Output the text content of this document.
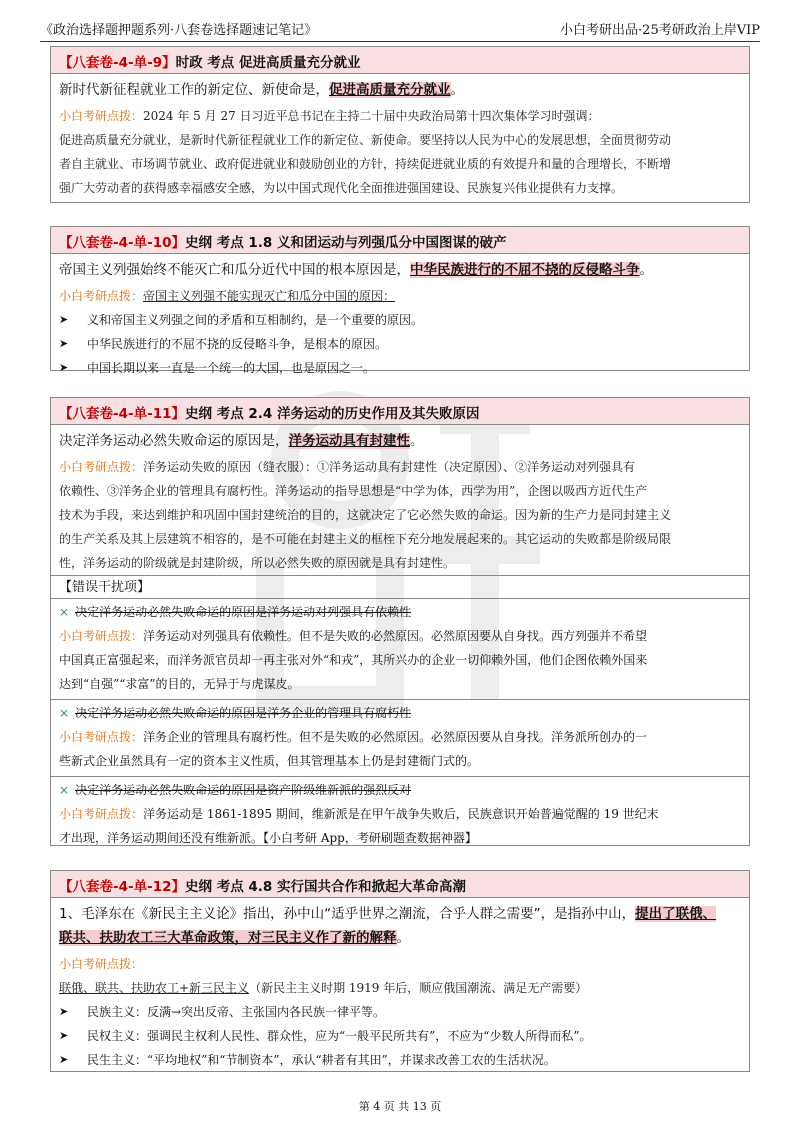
《政治选择题押题系列·八套卷选择题速记笔记》	小白考研出品·25考研政治上岸VIP
【八套卷-4-单-9】时政 考点 促进高质量充分就业
新时代新征程就业工作的新定位、新使命是，促进高质量充分就业。
小白考研点拨：2024 年 5 月 27 日习近平总书记在主持二十届中央政治局第十四次集体学习时强调：
促进高质量充分就业，是新时代新征程就业工作的新定位、新使命。要坚持以人民为中心的发展思想，全面贯彻劳动
者自主就业、市场调节就业、政府促进就业和鼓励创业的方针，持续促进就业质的有效提升和量的合理增长，不断增
强广大劳动者的获得感幸福感安全感，为以中国式现代化全面推进强国建设、民族复兴伟业提供有力支撑。
【八套卷-4-单-10】史纲 考点 1.8 义和团运动与列强瓜分中国图谋的破产
帝国主义列强始终不能灭亡和瓜分近代中国的根本原因是，中华民族进行的不屈不挠的反侵略斗争。
小白考研点拨：帝国主义列强不能实现灭亡和瓜分中国的原因：
➤	义和帝国主义列强之间的矛盾和互相制约，是一个重要的原因。
➤	中华民族进行的不屈不挠的反侵略斗争，是根本的原因。
➤	中国长期以来一直是一个统一的大国，也是原因之一。
【八套卷-4-单-11】史纲 考点 2.4 洋务运动的历史作用及其失败原因
决定洋务运动必然失败命运的原因是，洋务运动具有封建性。
小白考研点拨：洋务运动失败的原因（缝衣服）：①洋务运动具有封建性（决定原因）、②洋务运动对列强具有
依赖性、③洋务企业的管理具有腐朽性。洋务运动的指导思想是“中学为体，西学为用”，企图以吸西方近代生产
技术为手段，来达到维护和巩固中国封建统治的目的，这就决定了它必然失败的命运。因为新的生产力是同封建主义
的生产关系及其上层建筑不相容的，是不可能在封建主义的框桎下充分地发展起来的。其它运动的失败都是阶级局限
性，洋务运动的阶级就是封建阶级，所以必然失败的原因就是具有封建性。
【错误干扰项】
× 决定洋务运动必然失败命运的原因是洋务运动对列强具有依赖性
小白考研点拨：洋务运动对列强具有依赖性。但不是失败的必然原因。必然原因要从自身找。西方列强并不希望
中国真正富强起来，而洋务派官员却一再主张对外“和戎”，其所兴办的企业一切仰赖外国，他们企图依赖外国来
达到“自强”“求富”的目的，无异于与虎谋皮。
× 决定洋务运动必然失败命运的原因是洋务企业的管理具有腐朽性
小白考研点拨：洋务企业的管理具有腐朽性。但不是失败的必然原因。必然原因要从自身找。洋务派所创办的一
些新式企业虽然具有一定的资本主义性质，但其管理基本上仍是封建衙门式的。
× 决定洋务运动必然失败命运的原因是资产阶级维新派的强烈反对
小白考研点拨：洋务运动是 1861-1895 期间，维新派是在甲午战争失败后，民族意识开始普遍觉醒的 19 世纪末
才出现，洋务运动期间还没有维新派。【小白考研 App，考研刷题查数据神器】
【八套卷-4-单-12】史纲 考点 4.8 实行国共合作和掀起大革命高潮
1、毛泽东在《新民主主义论》指出，孙中山“适乎世界之潮流，合乎人群之需要”，是指孙中山，提出了联俄、
联共、扶助农工三大革命政策，对三民主义作了新的解释。
小白考研点拨：
联俄、联共、扶助农工+新三民主义（新民主主义时期 1919 年后，顺应俄国潮流、满足无产需要）
➤	民族主义：反满→突出反帝、主张国内各民族一律平等。
➤	民权主义：强调民主权利人民性、群众性，应为“一般平民所共有”，不应为“少数人所得而私”。
➤	民生主义：“平均地权”和“节制资本”，承认“耕者有其田”，并谋求改善工农的生活状况。
第 4 页 共 13 页
